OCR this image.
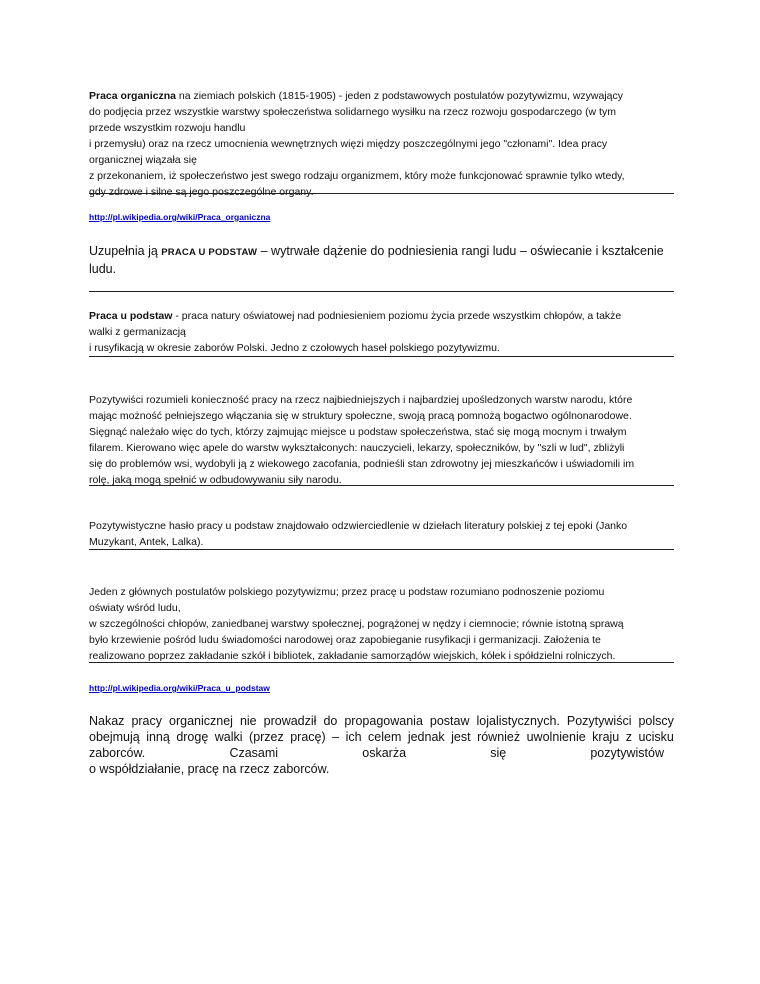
Praca organiczna na ziemiach polskich (1815-1905) - jeden z podstawowych postulatów pozytywizmu, wzywający
do podjęcia przez wszystkie warstwy społeczeństwa solidarnego wysiłku na rzecz rozwoju gospodarczego (w tym
przede wszystkim rozwoju handlu
i przemysłu) oraz na rzecz umocnienia wewnętrznych więzi między poszczególnymi jego "członami". Idea pracy
organicznej wiązała się
z przekonaniem, iż społeczeństwo jest swego rodzaju organizmem, który może funkcjonować sprawnie tylko wtedy,
gdy zdrowe i silne są jego poszczególne organy.
http://pl.wikipedia.org/wiki/Praca_organiczna
Uzupełnia ją PRACA U PODSTAW – wytrwałe dążenie do podniesienia rangi ludu – oświecanie i kształcenie
ludu.
Praca u podstaw - praca natury oświatowej nad podniesieniem poziomu życia przede wszystkim chłopów, a także
walki z germanizacją
i rusyfikacją w okresie zaborów Polski. Jedno z czołowych haseł polskiego pozytywizmu.
Pozytywiści rozumieli konieczność pracy na rzecz najbiedniejszych i najbardziej upośledzonych warstw narodu, które
mając możność pełniejszego włączania się w struktury społeczne, swoją pracą pomnożą bogactwo ogólnonarodowe.
Sięgnąć należało więc do tych, którzy zajmując miejsce u podstaw społeczeństwa, stać się mogą mocnym i trwałym
filarem. Kierowano więc apele do warstw wykształconych: nauczycieli, lekarzy, społeczników, by "szli w lud", zbliżyli
się do problemów wsi, wydobyli ją z wiekowego zacofania, podnieśli stan zdrowotny jej mieszkańców i uświadomili im
rolę, jaką mogą spełnić w odbudowywaniu siły narodu.
Pozytywistyczne hasło pracy u podstaw znajdowało odzwierciedlenie w dziełach literatury polskiej z tej epoki (Janko
Muzykant, Antek, Lalka).
Jeden z głównych postulatów polskiego pozytywizmu; przez pracę u podstaw rozumiano podnoszenie poziomu
oświaty wśród ludu,
w szczególności chłopów, zaniedbanej warstwy społecznej, pogrążonej w nędzy i ciemnocie; równie istotną sprawą
było krzewienie pośród ludu świadomości narodowej oraz zapobieganie rusyfikacji i germanizacji. Założenia te
realizowano poprzez zakładanie szkół i bibliotek, zakładanie samorządów wiejskich, kółek i spółdzielni rolniczych.
http://pl.wikipedia.org/wiki/Praca_u_podstaw
Nakaz pracy organicznej nie prowadził do propagowania postaw lojalistycznych. Pozytywiści polscy
obejmują inną drogę walki (przez pracę) – ich celem jednak jest również uwolnienie kraju z ucisku
zaborców.	Czasami	oskarża	się	pozytywistów
o współdziałanie, pracę na rzecz zaborców.
